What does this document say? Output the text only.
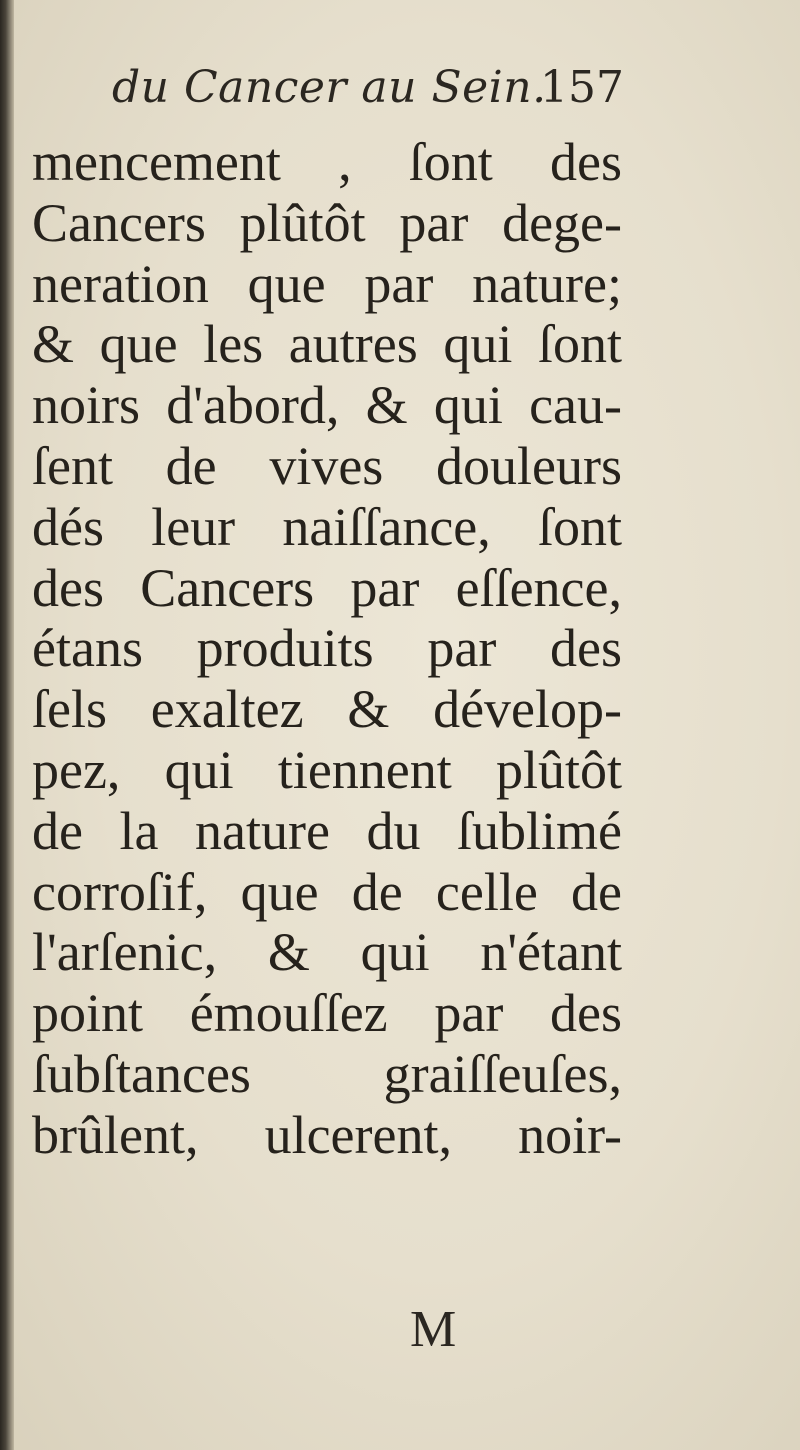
du Cancer au Sein.
157
mencement , ſont des
Cancers plûtôt par dege-
neration que par nature;
& que les autres qui ſont
noirs d'abord, & qui cau-
ſent de vives douleurs
dés leur naiſſance, ſont
des Cancers par eſſence,
étans produits par des
ſels exaltez & dévelop-
pez, qui tiennent plûtôt
de la nature du ſublimé
corroſif, que de celle de
l'arſenic, & qui n'étant
point émouſſez par des
ſubſtances graiſſeuſes,
brûlent, ulcerent, noir-
M
